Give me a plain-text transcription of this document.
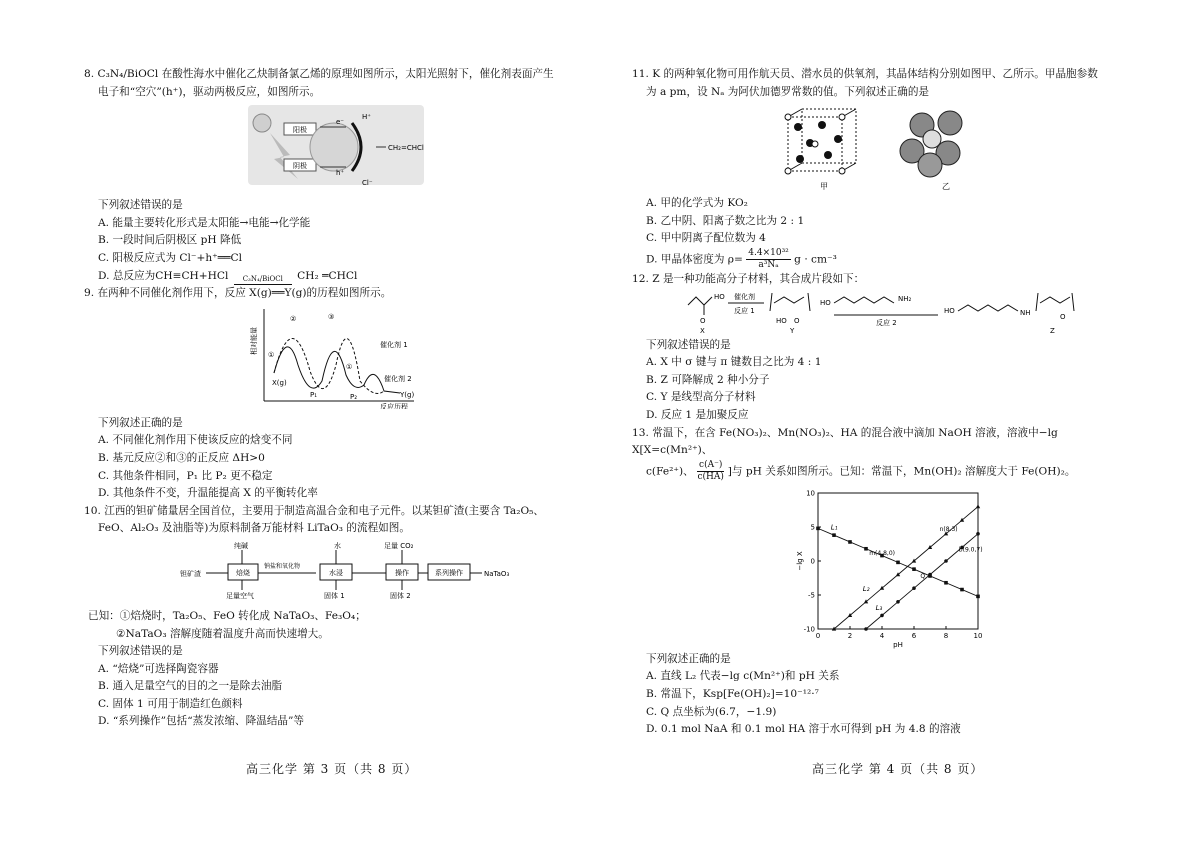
8. C₃N₄/BiOCl 在酸性海水中催化乙炔制备氯乙烯的原理如图所示，太阳光照射下，催化剂表面产生

电子和“空穴”(h⁺)，驱动两极反应，如图所示。

阳极
阴极
e⁻
h⁺
H⁺
Cl⁻
CH₂=CHCl

下列叙述错误的是

A. 能量主要转化形式是太阳能→电能→化学能

B. 一段时间后阴极区 pH 降低

C. 阳极反应式为 Cl⁻+h⁺══Cl

D. 总反应为CH≡CH+HCl	C₃N₄/BiOCl	CH₂ ═CHCl

9. 在两种不同催化剂作用下，反应 X(g)══Y(g)的历程如图所示。

相对能量
X(g)
②
①
③
①
P₁	P₂
催化剂 1
催化剂 2
Y(g)
反应历程

下列叙述正确的是

A. 不同催化剂作用下使该反应的焓变不同

B. 基元反应②和③的正反应 ΔH>0

C. 其他条件相同，P₁ 比 P₂ 更不稳定

D. 其他条件不变，升温能提高 X 的平衡转化率

10. 江西的钽矿储量居全国首位，主要用于制造高温合金和电子元件。以某钽矿渣(主要含 Ta₂O₅、

FeO、Al₂O₃ 及油脂等)为原料制备万能材料 LiTaO₃ 的流程如图。

钽矿渣
纯碱
焙烧
足量空气
钠盐和氧化物
水
水浸
固体 1
足量 CO₂
操作
固体 2
系列操作	NaTaO₃

已知：①焙烧时，Ta₂O₅、FeO 转化成 NaTaO₃、Fe₃O₄；

②NaTaO₃ 溶解度随着温度升高而快速增大。

下列叙述错误的是

A. “焙烧”可选择陶瓷容器

B. 通入足量空气的目的之一是除去油脂

C. 固体 1 可用于制造红色颜料

D. “系列操作”包括“蒸发浓缩、降温结晶”等

高三化学 第 3 页（共 8 页）

11. K 的两种氧化物可用作航天员、潜水员的供氧剂，其晶体结构分别如图甲、乙所示。甲晶胞参数

为 a pm，设 Nₐ 为阿伏加德罗常数的值。下列叙述正确的是

甲	乙

A. 甲的化学式为 KO₂

B. 乙中阴、阳离子数之比为 2 : 1

C. 甲中阴离子配位数为 4

D. 甲晶体密度为 $\rho= \frac{\text{4.4×10³²}}{\text{a³Nₐ}}$ g · cm⁻³

12. Z 是一种功能高分子材料，其合成片段如下：

HO
O
X
催化剂
反应 1
HO O
Y
HO	NH₂
反应 2
HO	NH	O
Z

下列叙述错误的是

A. X 中 σ 键与 π 键数目之比为 4 : 1

B. Z 可降解成 2 种小分子

C. Y 是线型高分子材料

D. 反应 1 是加聚反应

13. 常温下，在含 Fe(NO₃)₂、Mn(NO₃)₂、HA 的混合液中滴加 NaOH 溶液，溶液中−lg X[X=c(Mn²⁺)、

c(Fe²⁺)、 $\frac{c(A^-)}{c(HA)}$ ]与 pH 关系如图所示。已知：常温下，Mn(OH)₂ 溶解度大于 Fe(OH)₂。

0	2	4	6	8	10
-10
-5
0
5
10
pH
−lg X
L₁
L₂
L₃
m(4.8,0)
n(8.3)
b(9.0,7)
Q

下列叙述正确的是

A. 直线 L₂ 代表−lg c(Mn²⁺)和 pH 关系

B. 常温下，Ksp[Fe(OH)₂]=10⁻¹²·⁷

C. Q 点坐标为(6.7，−1.9)

D. 0.1 mol NaA 和 0.1 mol HA 溶于水可得到 pH 为 4.8 的溶液

高三化学 第 4 页（共 8 页）
